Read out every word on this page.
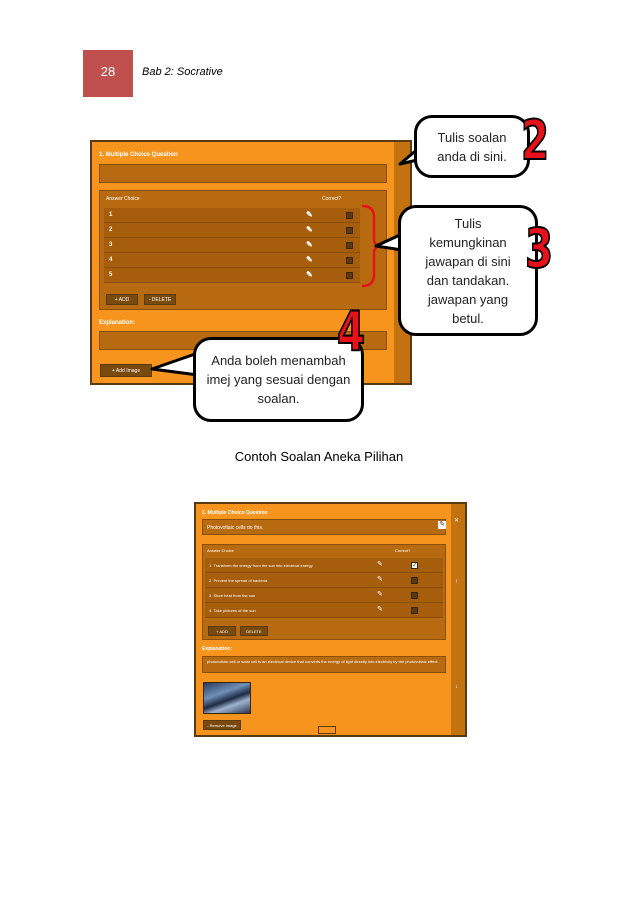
28 Bab 2: Socrative
1. Multiple Choice Question
Answer Choice	Correct?
1	✎
2	✎
3	✎
4	✎
5	✎
+ ADD	- DELETE
Explanation:
+ Add Image
Tulis soalan anda di sini. 2
Tulis kemungkinan jawapan di sini dan tandakan. jawapan yang betul.
3
Anda boleh menambah imej yang sesuai dengan soalan.
4
Contoh Soalan Aneka Pilihan
1. Multiple Choice Question
Photovoltaic cells do this.	✎
Answer Choice	Correct?
1 Transform the energy from the sun into electrical energy	✎	✓
2 Prevent the spread of bacteria	✎
3 Store heat from the sun	✎
4 Take pictures of the sun	✎
+ ADD	DELETE
Explanation:
photovoltaic cell or solar cell is an electrical device that converts the energy of light directly into electricity by the photovoltaic effect.
- Remove Image
✕
↑
↓
